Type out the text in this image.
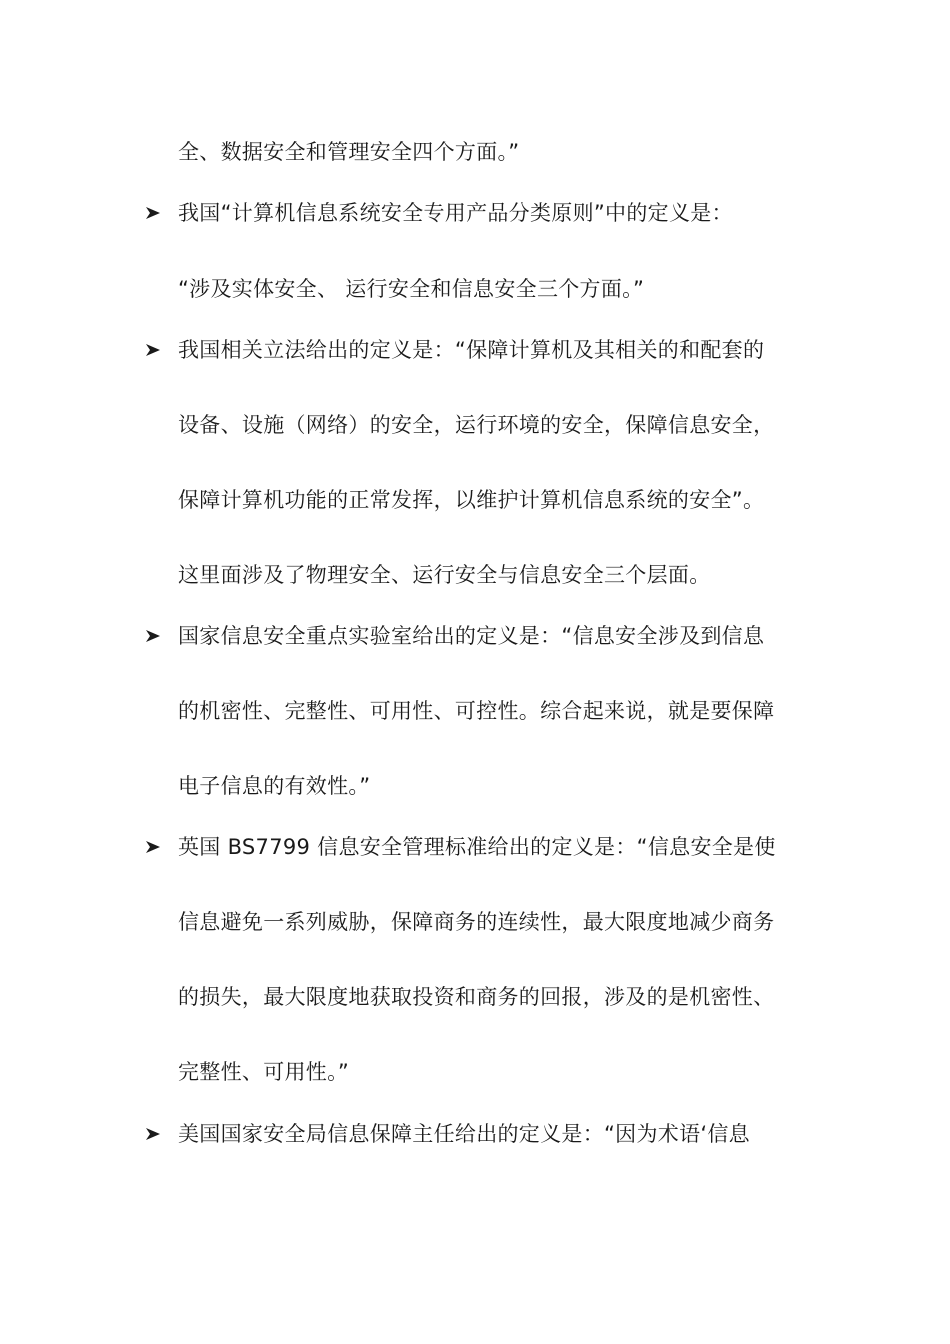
全、数据安全和管理安全四个方面。”
我国“计算机信息系统安全专用产品分类原则”中的定义是：
“涉及实体安全、 运行安全和信息安全三个方面。”
我国相关立法给出的定义是：“保障计算机及其相关的和配套的
设备、设施（网络）的安全，运行环境的安全，保障信息安全，
保障计算机功能的正常发挥，以维护计算机信息系统的安全”。
这里面涉及了物理安全、运行安全与信息安全三个层面。
国家信息安全重点实验室给出的定义是：“信息安全涉及到信息
的机密性、完整性、可用性、可控性。综合起来说，就是要保障
电子信息的有效性。”
英国 BS7799 信息安全管理标准给出的定义是：“信息安全是使
信息避免一系列威胁，保障商务的连续性，最大限度地减少商务
的损失，最大限度地获取投资和商务的回报，涉及的是机密性、
完整性、可用性。”
美国国家安全局信息保障主任给出的定义是：“因为术语‘信息
